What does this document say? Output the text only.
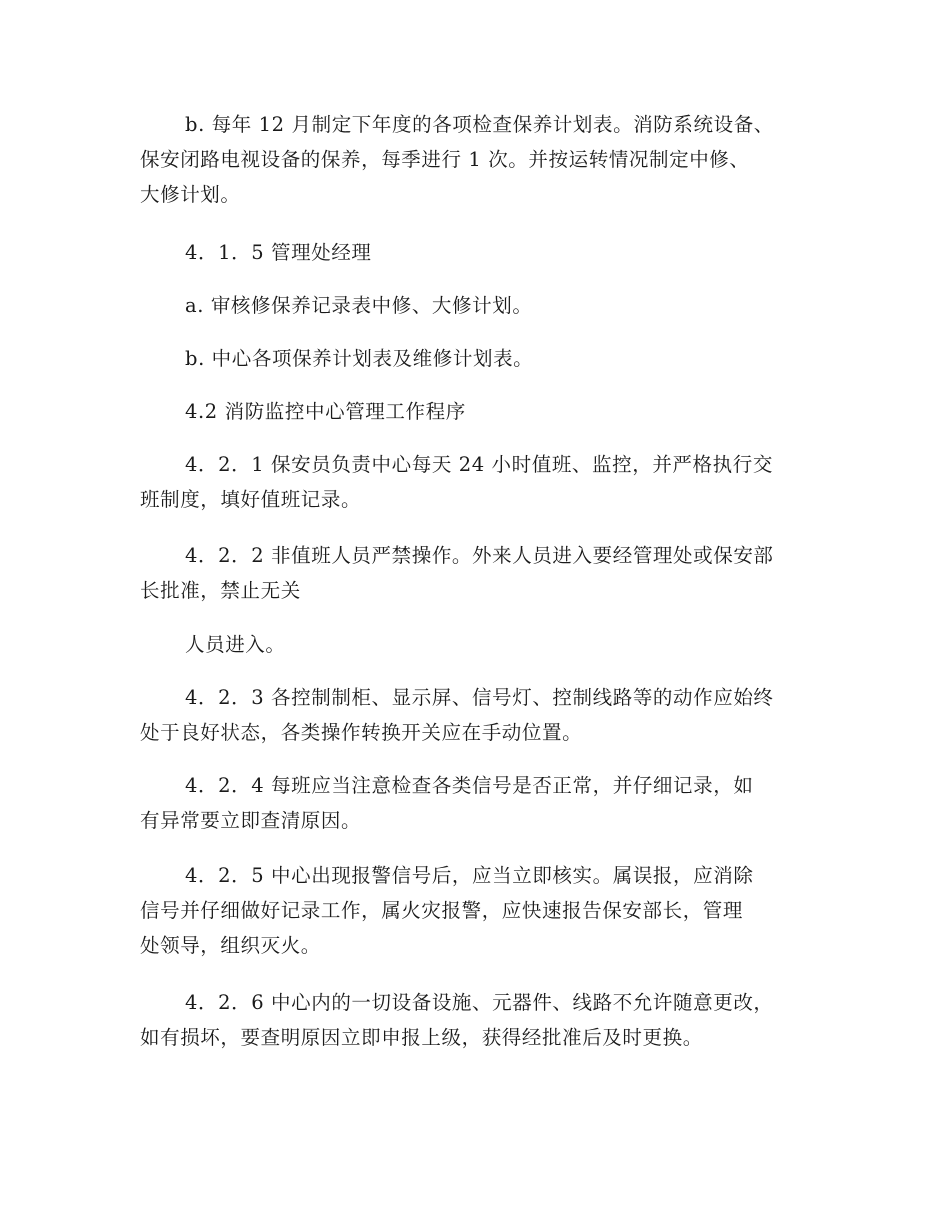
b. 每年 12 月制定下年度的各项检查保养计划表。消防系统设备、
保安闭路电视设备的保养，每季进行 1 次。并按运转情况制定中修、
大修计划。
4．1．5 管理处经理
a. 审核修保养记录表中修、大修计划。
b. 中心各项保养计划表及维修计划表。
4.2 消防监控中心管理工作程序
4．2．1 保安员负责中心每天 24 小时值班、监控，并严格执行交
班制度，填好值班记录。
4．2．2 非值班人员严禁操作。外来人员进入要经管理处或保安部
长批准，禁止无关
人员进入。
4．2．3 各控制制柜、显示屏、信号灯、控制线路等的动作应始终
处于良好状态，各类操作转换开关应在手动位置。
4．2．4 每班应当注意检查各类信号是否正常，并仔细记录，如
有异常要立即查清原因。
4．2．5 中心出现报警信号后，应当立即核实。属误报，应消除
信号并仔细做好记录工作，属火灾报警，应快速报告保安部长，管理
处领导，组织灭火。
4．2．6 中心内的一切设备设施、元器件、线路不允许随意更改，
如有损坏，要查明原因立即申报上级，获得经批准后及时更换。
